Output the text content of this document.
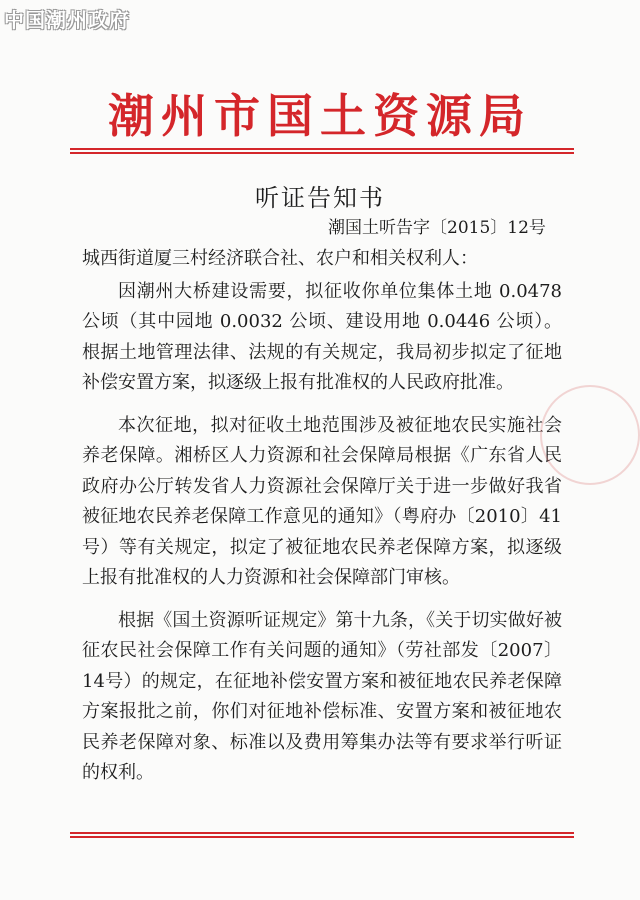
中国潮州政府
潮州市国土资源局
听证告知书
潮国土听告字〔2015〕12号

城西街道厦三村经济联合社、农户和相关权利人：

因潮州大桥建设需要，拟征收你单位集体土地 0.0478 公顷（其中园地 0.0032 公顷、建设用地 0.0446 公顷）。根据土地管理法律、法规的有关规定，我局初步拟定了征地补偿安置方案，拟逐级上报有批准权的人民政府批准。

本次征地，拟对征收土地范围涉及被征地农民实施社会养老保障。湘桥区人力资源和社会保障局根据《广东省人民政府办公厅转发省人力资源社会保障厅关于进一步做好我省被征地农民养老保障工作意见的通知》（粤府办〔2010〕41号）等有关规定，拟定了被征地农民养老保障方案，拟逐级上报有批准权的人力资源和社会保障部门审核。

根据《国土资源听证规定》第十九条，《关于切实做好被征农民社会保障工作有关问题的通知》（劳社部发〔2007〕14号）的规定，在征地补偿安置方案和被征地农民养老保障方案报批之前，你们对征地补偿标准、安置方案和被征地农民养老保障对象、标准以及费用筹集办法等有要求举行听证的权利。
